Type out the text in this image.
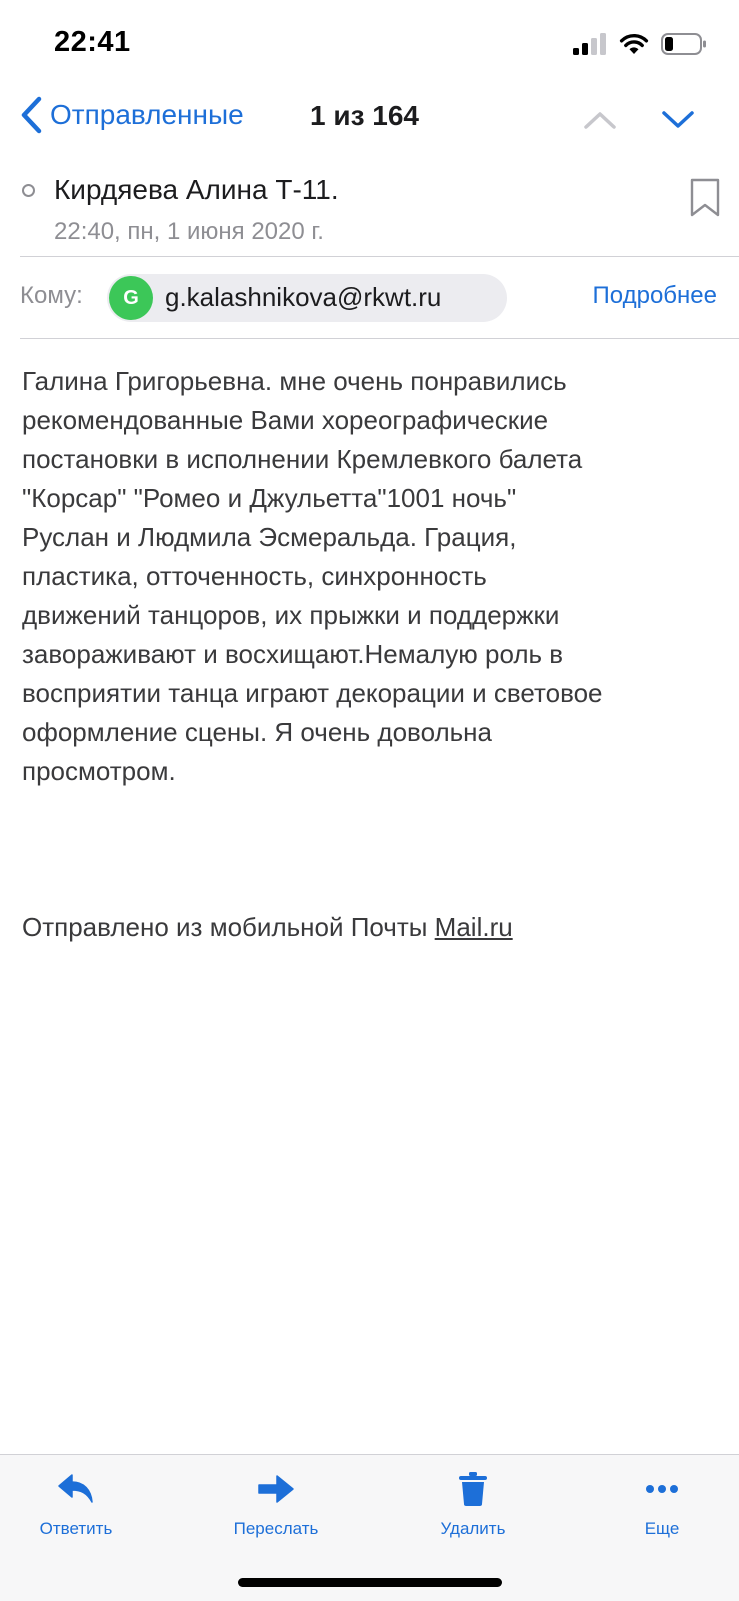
22:41
Отправленные 1 из 164
Кирдяева Алина Т-11.
22:40, пн, 1 июня 2020 г.
Кому:	G	g.kalashnikova@rkwt.ru	Подробнее
Галина Григорьевна. мне очень понравились
рекомендованные Вами хореографические
постановки в исполнении Кремлевкого балета
"Корсар" "Ромео и Джульетта"1001 ночь"
Руслан и Людмила Эсмеральда. Грация,
пластика, отточенность, синхронность
движений танцоров, их прыжки и поддержки
завораживают и восхищают.Немалую роль в
восприятии танца играют декорации и световое
оформление сцены. Я очень довольна
просмотром.
Отправлено из мобильной Почты Mail.ru
Ответить	Переслать	Удалить	Еще
